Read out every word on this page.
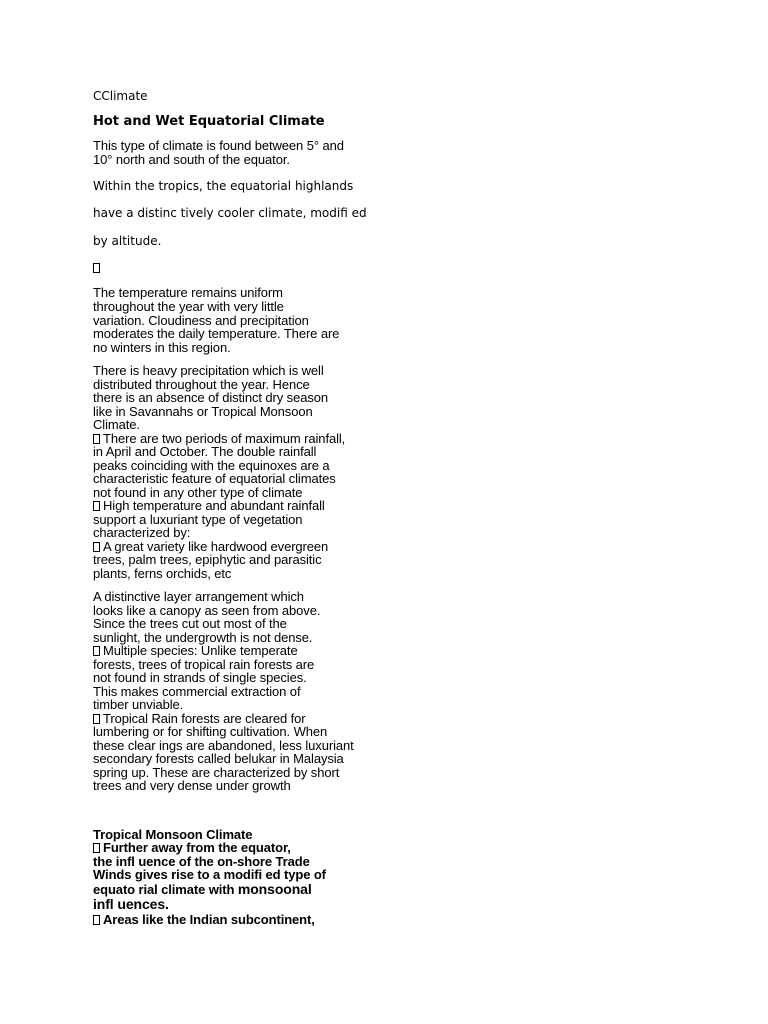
CClimate
Hot and Wet Equatorial Climate
This type of climate is found between 5° and
10° north and south of the equator.
Within the tropics, the equatorial highlands
have a distinc tively cooler climate, modifi ed
by altitude.
The temperature remains uniform
throughout the year with very little
variation. Cloudiness and precipitation
moderates the daily temperature. There are
no winters in this region.
There is heavy precipitation which is well
distributed throughout the year. Hence
there is an absence of distinct dry season
like in Savannahs or Tropical Monsoon
Climate.
There are two periods of maximum rainfall,
in April and October. The double rainfall
peaks coinciding with the equinoxes are a
characteristic feature of equatorial climates
not found in any other type of climate
High temperature and abundant rainfall
support a luxuriant type of vegetation
characterized by:
A great variety like hardwood evergreen
trees, palm trees, epiphytic and parasitic
plants, ferns orchids, etc
A distinctive layer arrangement which
looks like a canopy as seen from above.
Since the trees cut out most of the
sunlight, the undergrowth is not dense.
Multiple species: Unlike temperate
forests, trees of tropical rain forests are
not found in strands of single species.
This makes commercial extraction of
timber unviable.
Tropical Rain forests are cleared for
lumbering or for shifting cultivation. When
these clear ings are abandoned, less luxuriant
secondary forests called belukar in Malaysia
spring up. These are characterized by short
trees and very dense under growth
Tropical Monsoon Climate
Further away from the equator,
the infl uence of the on-shore Trade
Winds gives rise to a modifi ed type of
equato rial climate with monsoonal
infl uences.
Areas like the Indian subcontinent,
